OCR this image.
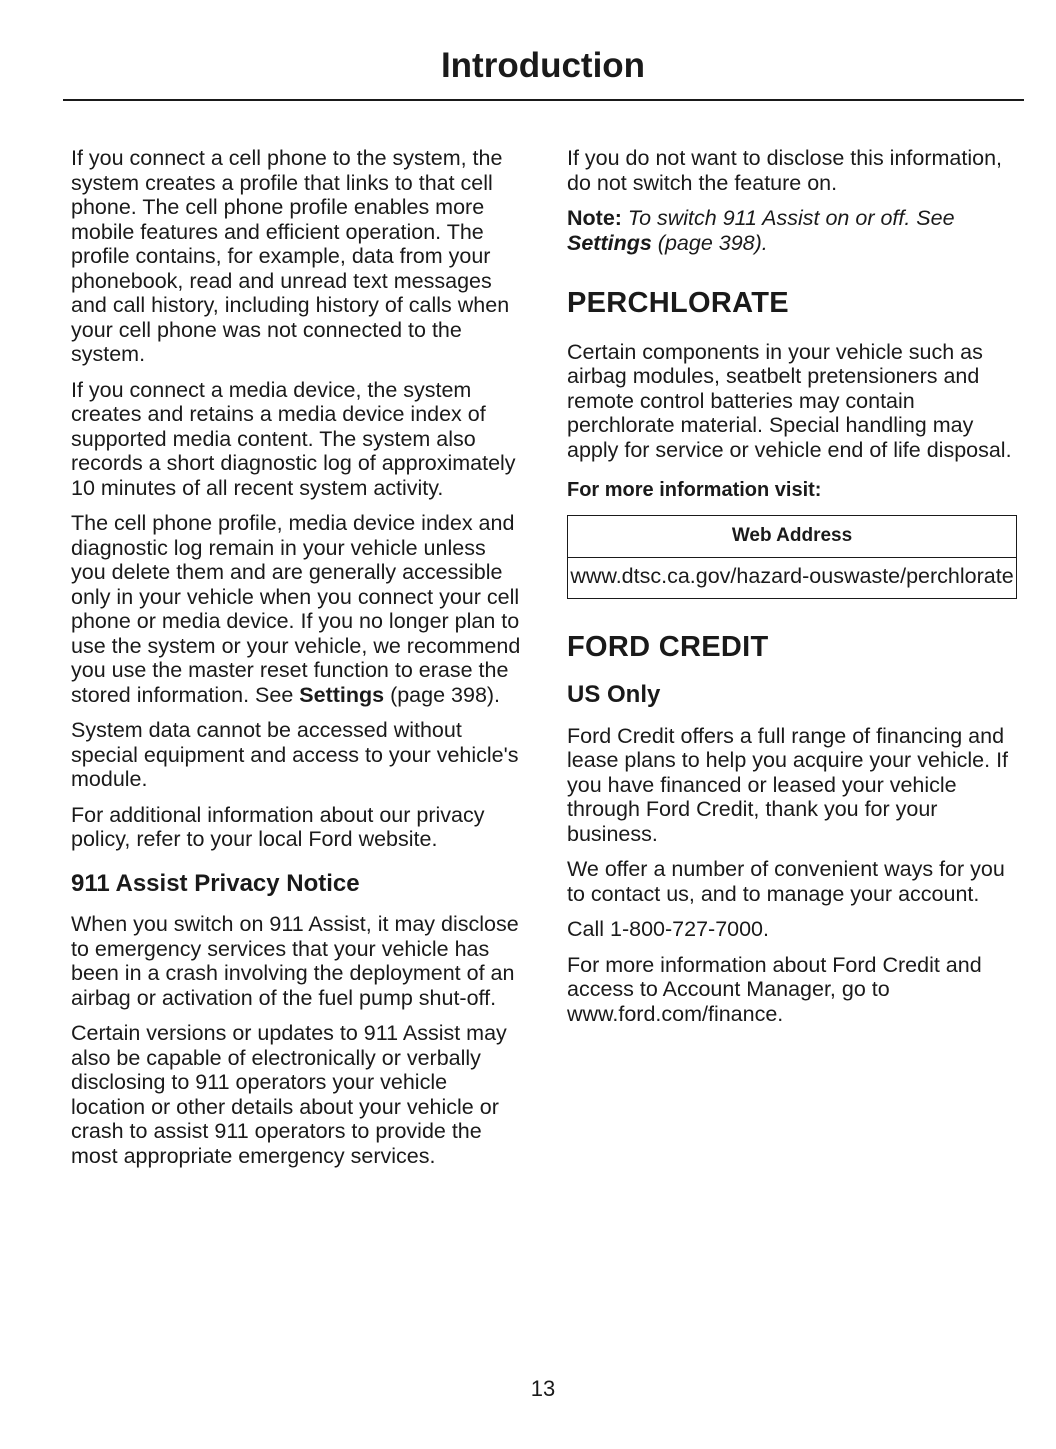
Introduction

If you connect a cell phone to the system, the system creates a profile that links to that cell phone. The cell phone profile enables more mobile features and efficient operation. The profile contains, for example, data from your phonebook, read and unread text messages and call history, including history of calls when your cell phone was not connected to the system.

If you connect a media device, the system creates and retains a media device index of supported media content. The system also records a short diagnostic log of approximately 10 minutes of all recent system activity.

The cell phone profile, media device index and diagnostic log remain in your vehicle unless you delete them and are generally accessible only in your vehicle when you connect your cell phone or media device. If you no longer plan to use the system or your vehicle, we recommend you use the master reset function to erase the stored information. See Settings (page 398).

System data cannot be accessed without special equipment and access to your vehicle's module.

For additional information about our privacy policy, refer to your local Ford website.

911 Assist Privacy Notice

When you switch on 911 Assist, it may disclose to emergency services that your vehicle has been in a crash involving the deployment of an airbag or activation of the fuel pump shut-off.

Certain versions or updates to 911 Assist may also be capable of electronically or verbally disclosing to 911 operators your vehicle location or other details about your vehicle or crash to assist 911 operators to provide the most appropriate emergency services.

If you do not want to disclose this information, do not switch the feature on.

Note: To switch 911 Assist on or off. See Settings (page 398).

PERCHLORATE

Certain components in your vehicle such as airbag modules, seatbelt pretensioners and remote control batteries may contain perchlorate material. Special handling may apply for service or vehicle end of life disposal.

For more information visit:
Web Address
www.dtsc.ca.gov/hazard-ouswaste/perchlorate
FORD CREDIT
US Only

Ford Credit offers a full range of financing and lease plans to help you acquire your vehicle. If you have financed or leased your vehicle through Ford Credit, thank you for your business.

We offer a number of convenient ways for you to contact us, and to manage your account.

Call 1-800-727-7000.

For more information about Ford Credit and access to Account Manager, go to www.ford.com/finance.

13
